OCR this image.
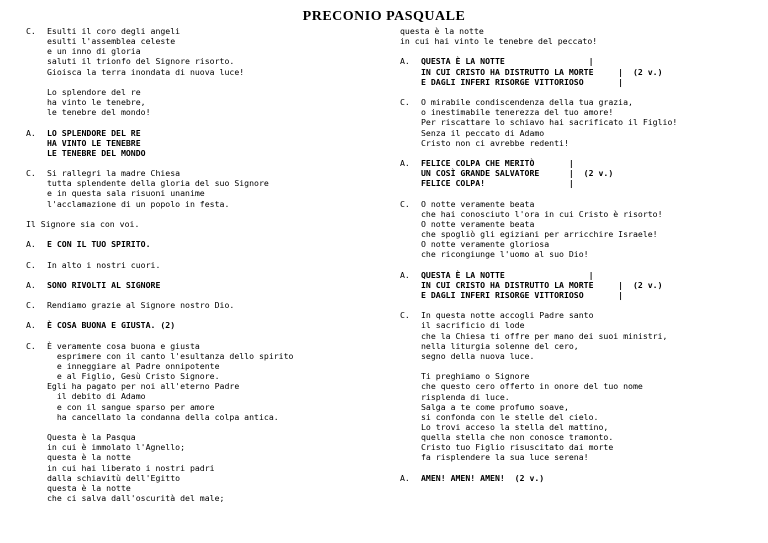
PRECONIO PASQUALE
C.	Esulti il coro degli angeli
esulti l'assemblea celeste
e un inno di gloria
saluti il trionfo del Signore risorto.
Gioisca la terra inondata di nuova luce!
Lo splendore del re
ha vinto le tenebre,
le tenebre del mondo!
A.	LO SPLENDORE DEL RE
HA VINTO LE TENEBRE
LE TENEBRE DEL MONDO
C.	Si rallegri la madre Chiesa
tutta splendente della gloria del suo Signore
e in questa sala risuoni unanime
l'acclamazione di un popolo in festa.
Il Signore sia con voi.
A.	E CON IL TUO SPIRITO.
C.	In alto i nostri cuori.
A.	SONO RIVOLTI AL SIGNORE
C.	Rendiamo grazie al Signore nostro Dio.
A.	È COSA BUONA E GIUSTA. (2)
C.	È veramente cosa buona e giusta
esprimere con il canto l'esultanza dello spirito
e inneggiare al Padre onnipotente
e al Figlio, Gesù Cristo Signore.
Egli ha pagato per noi all'eterno Padre
il debito di Adamo
e con il sangue sparso per amore
ha cancellato la condanna della colpa antica.
Questa è la Pasqua
in cui è immolato l'Agnello;
questa è la notte
in cui hai liberato i nostri padri
dalla schiavitù dell'Egitto
questa è la notte
che ci salva dall'oscurità del male;
questa è la notte
in cui hai vinto le tenebre del peccato!
A.	QUESTA È LA NOTTE                 |
IN CUI CRISTO HA DISTRUTTO LA MORTE     |  (2 v.)
E DAGLI INFERI RISORGE VITTORIOSO       |
C.	O mirabile condiscendenza della tua grazia,
o inestimabile tenerezza del tuo amore!
Per riscattare lo schiavo hai sacrificato il Figlio!
Senza il peccato di Adamo
Cristo non ci avrebbe redenti!
A.	FELICE COLPA CHE MERITÒ       |
UN COSÌ GRANDE SALVATORE      |  (2 v.)
FELICE COLPA!                 |
C.	O notte veramente beata
che hai conosciuto l'ora in cui Cristo è risorto!
O notte veramente beata
che spogliò gli egiziani per arricchire Israele!
O notte veramente gloriosa
che ricongiunge l'uomo al suo Dio!
A.	QUESTA È LA NOTTE                 |
IN CUI CRISTO HA DISTRUTTO LA MORTE     |  (2 v.)
E DAGLI INFERI RISORGE VITTORIOSO       |
C.	In questa notte accogli Padre santo
il sacrificio di lode
che la Chiesa ti offre per mano dei suoi ministri,
nella liturgia solenne del cero,
segno della nuova luce.
Ti preghiamo o Signore
che questo cero offerto in onore del tuo nome
risplenda di luce.
Salga a te come profumo soave,
si confonda con le stelle del cielo.
Lo trovi acceso la stella del mattino,
quella stella che non conosce tramonto.
Cristo tuo Figlio risuscitato dai morte
fa risplendere la sua luce serena!
A.	AMEN! AMEN! AMEN!  (2 v.)
